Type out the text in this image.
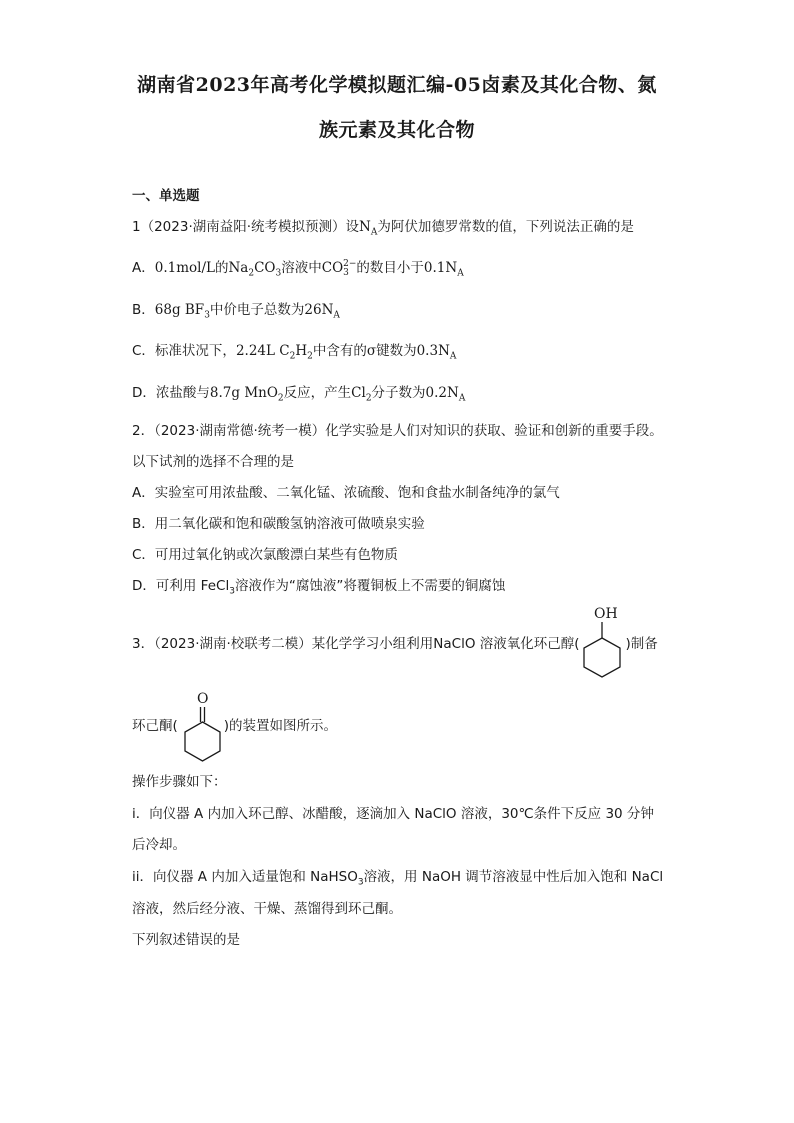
湖南省2023年高考化学模拟题汇编-05卤素及其化合物、氮
族元素及其化合物
一、单选题
1（2023·湖南益阳·统考模拟预测）设$N_A$为阿伏加德罗常数的值，下列说法正确的是
A．0.1mol/L的$Na_2CO_3$溶液中CO 2−
3 的数目小于$0.1N_A$
B．68g $BF_3$中价电子总数为$26N_A$
C．标准状况下，2.24L $C_2H_2$中含有的σ键数为$0.3N_A$
D．浓盐酸与8.7g MnO$_2$反应，产生$Cl_2$分子数为$0.2N_A$
2．（2023·湖南常德·统考一模）化学实验是人们对知识的获取、验证和创新的重要手段。
以下试剂的选择不合理的是
A．实验室可用浓盐酸、二氧化锰、浓硫酸、饱和食盐水制备纯净的氯气
B．用二氧化碳和饱和碳酸氢钠溶液可做喷泉实验
C．可用过氧化钠或次氯酸漂白某些有色物质
D．可利用 FeCl$_3$溶液作为“腐蚀液”将覆铜板上不需要的铜腐蚀
3．（2023·湖南·校联考二模）某化学学习小组利用NaClO 溶液氧化环己醇(	)制备
OH
环己酮(	)的装置如图所示。
O
操作步骤如下：
i．向仪器 A 内加入环己醇、冰醋酸，逐滴加入 NaClO 溶液，30℃条件下反应 30 分钟
后冷却。
ii．向仪器 A 内加入适量饱和 NaHSO$_3$溶液，用 NaOH 调节溶液显中性后加入饱和 NaCl
溶液，然后经分液、干燥、蒸馏得到环己酮。
下列叙述错误的是
